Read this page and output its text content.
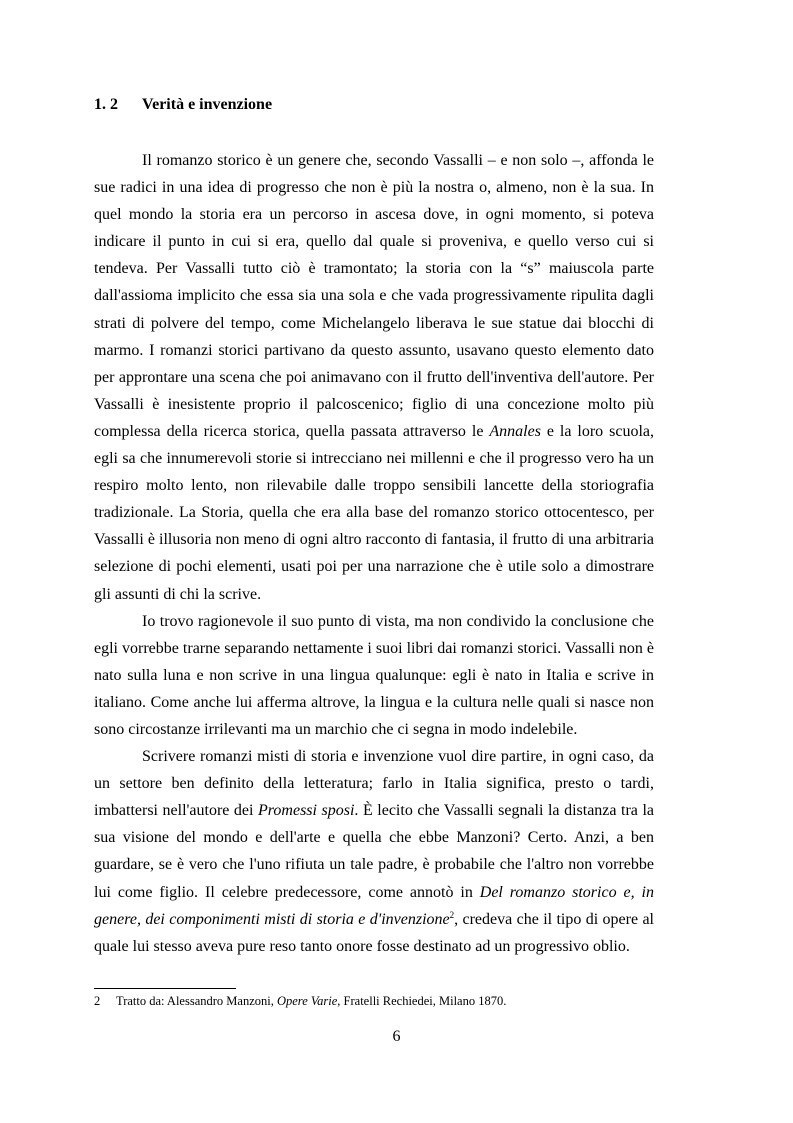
1. 2 Verità e invenzione

Il romanzo storico è un genere che, secondo Vassalli – e non solo –, affonda le sue radici in una idea di progresso che non è più la nostra o, almeno, non è la sua. In quel mondo la storia era un percorso in ascesa dove, in ogni momento, si poteva indicare il punto in cui si era, quello dal quale si proveniva, e quello verso cui si tendeva. Per Vassalli tutto ciò è tramontato; la storia con la “s” maiuscola parte dall'assioma implicito che essa sia una sola e che vada progressivamente ripulita dagli strati di polvere del tempo, come Michelangelo liberava le sue statue dai blocchi di marmo. I romanzi storici partivano da questo assunto, usavano questo elemento dato per approntare una scena che poi animavano con il frutto dell'inventiva dell'autore. Per Vassalli è inesistente proprio il palcoscenico; figlio di una concezione molto più complessa della ricerca storica, quella passata attraverso le Annales e la loro scuola, egli sa che innumerevoli storie si intrecciano nei millenni e che il progresso vero ha un respiro molto lento, non rilevabile dalle troppo sensibili lancette della storiografia tradizionale. La Storia, quella che era alla base del romanzo storico ottocentesco, per Vassalli è illusoria non meno di ogni altro racconto di fantasia, il frutto di una arbitraria selezione di pochi elementi, usati poi per una narrazione che è utile solo a dimostrare gli assunti di chi la scrive.

Io trovo ragionevole il suo punto di vista, ma non condivido la conclusione che egli vorrebbe trarne separando nettamente i suoi libri dai romanzi storici. Vassalli non è nato sulla luna e non scrive in una lingua qualunque: egli è nato in Italia e scrive in italiano. Come anche lui afferma altrove, la lingua e la cultura nelle quali si nasce non sono circostanze irrilevanti ma un marchio che ci segna in modo indelebile.

Scrivere romanzi misti di storia e invenzione vuol dire partire, in ogni caso, da un settore ben definito della letteratura; farlo in Italia significa, presto o tardi, imbattersi nell'autore dei Promessi sposi. È lecito che Vassalli segnali la distanza tra la sua visione del mondo e dell'arte e quella che ebbe Manzoni? Certo. Anzi, a ben guardare, se è vero che l'uno rifiuta un tale padre, è probabile che l'altro non vorrebbe lui come figlio. Il celebre predecessore, come annotò in Del romanzo storico e, in genere, dei componimenti misti di storia e d'invenzione$^2$, credeva che il tipo di opere al quale lui stesso aveva pure reso tanto onore fosse destinato ad un progressivo oblio.

2 Tratto da: Alessandro Manzoni, Opere Varie, Fratelli Rechiedei, Milano 1870.
6
